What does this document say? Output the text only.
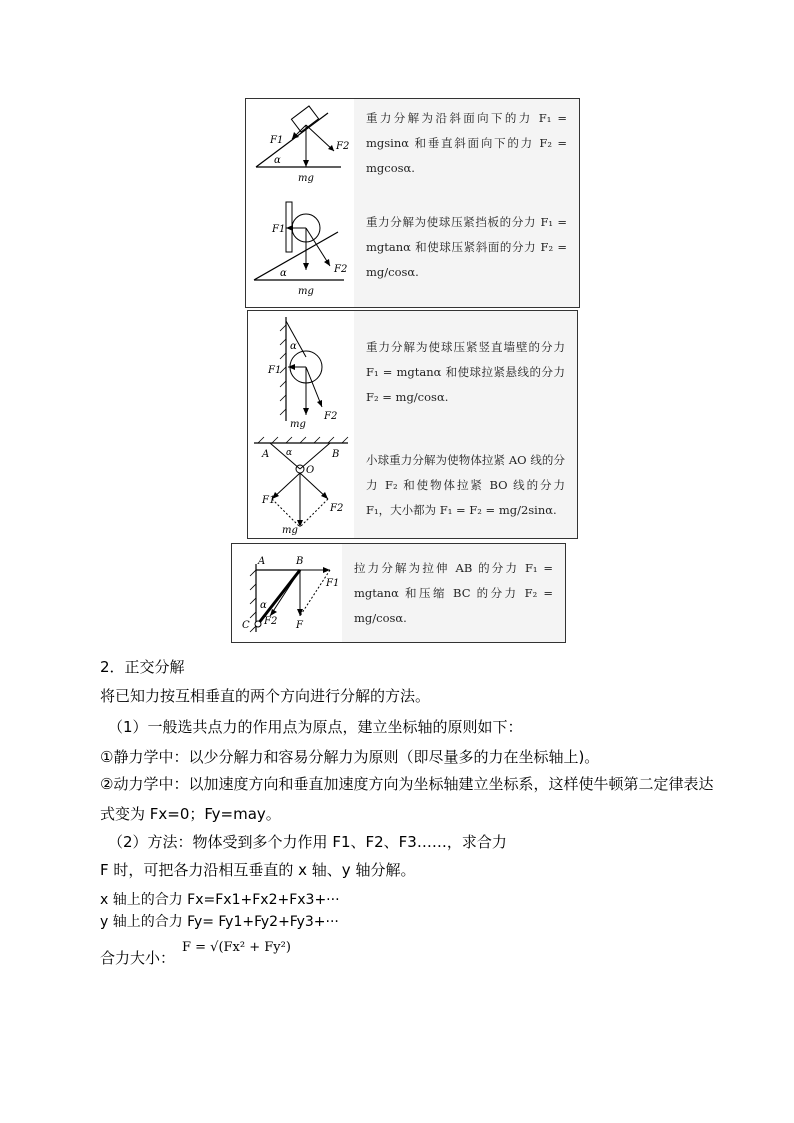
F1
F2
α
mg
重力分解为沿斜面向下的力 F₁ = mgsinα 和垂直斜面向下的力 F₂ = mgcosα.
F1
F2
α
mg
重力分解为使球压紧挡板的分力 F₁ = mgtanα 和使球压紧斜面的分力 F₂ = mg/cosα.
α
F1
F2
mg
重力分解为使球压紧竖直墙壁的分力 F₁ = mgtanα 和使球拉紧悬线的分力 F₂ = mg/cosα.
A	B
O
F1
F2
α
mg
小球重力分解为使物体拉紧 AO 线的分力 F₂ 和使物体拉紧 BO 线的分力 F₁，大小都为 F₁ = F₂ = mg/2sinα.
A	B
C	F
F1
F2
α
拉力分解为拉伸 AB 的分力 F₁ = mgtanα 和压缩 BC 的分力 F₂ = mg/cosα.
2．正交分解
将已知力按互相垂直的两个方向进行分解的方法。
（1）一般选共点力的作用点为原点，建立坐标轴的原则如下：
①静力学中：以少分解力和容易分解力为原则（即尽量多的力在坐标轴上)。
②动力学中：以加速度方向和垂直加速度方向为坐标轴建立坐标系，这样使牛顿第二定律表达式变为 Fx=0；Fy=may。
（2）方法：物体受到多个力作用 F1、F2、F3……，求合力
F 时，可把各力沿相互垂直的 x 轴、y 轴分解。
x 轴上的合力 Fx=Fx1+Fx2+Fx3+···
y 轴上的合力 Fy= Fy1+Fy2+Fy3+···
合力大小：
F = √(Fx² + Fy²)
